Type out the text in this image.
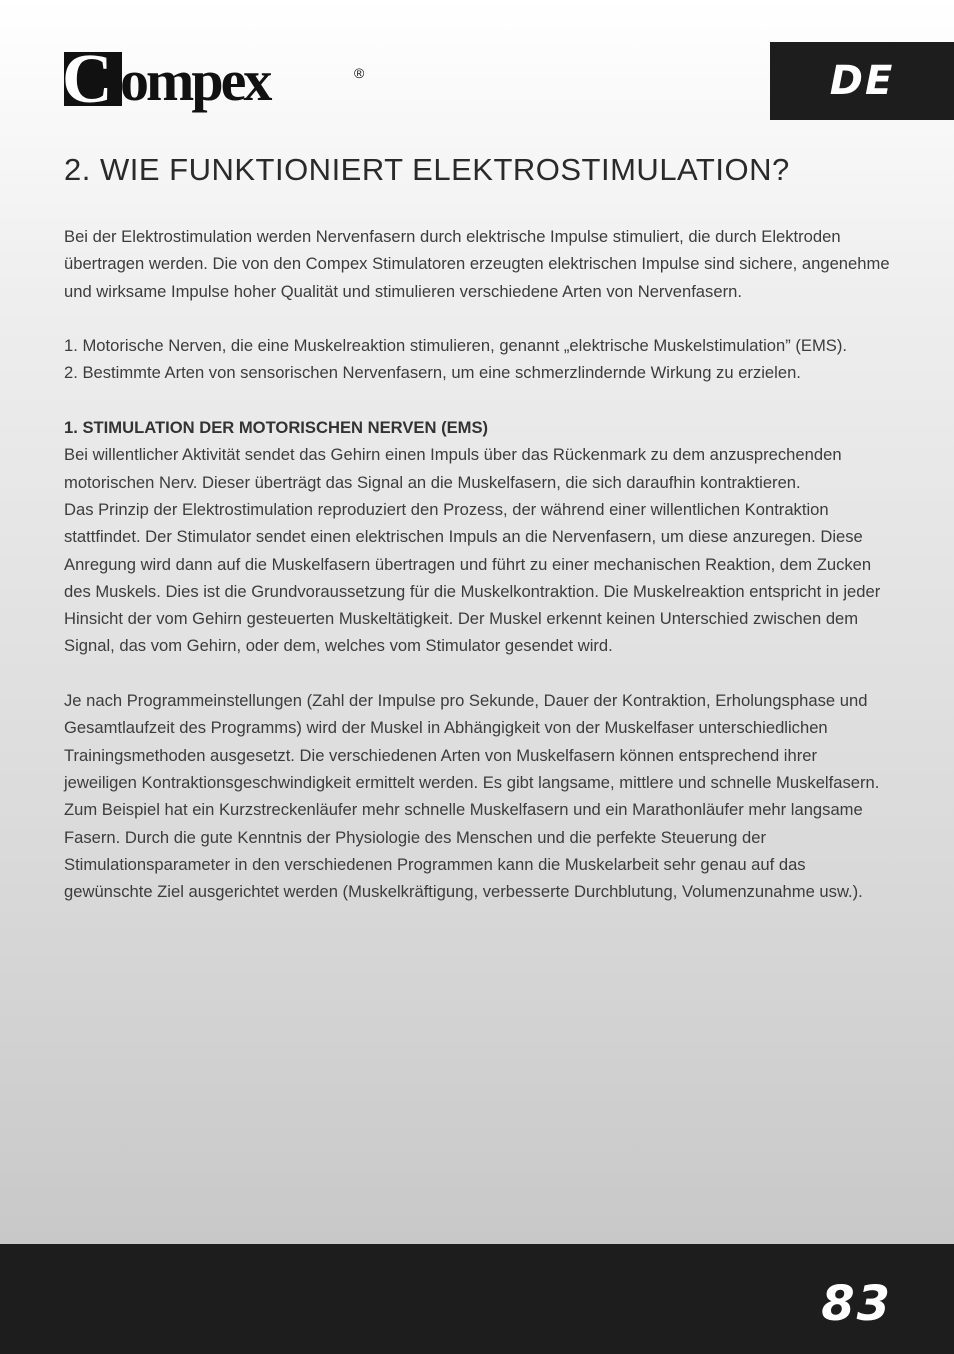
C ompex	®	DE
2. WIE FUNKTIONIERT ELEKTROSTIMULATION?

Bei der Elektrostimulation werden Nervenfasern durch elektrische Impulse stimuliert, die durch Elektroden übertragen werden. Die von den Compex Stimulatoren erzeugten elektrischen Impulse sind sichere, angenehme und wirksame Impulse hoher Qualität und stimulieren verschiedene Arten von Nervenfasern.

1. Motorische Nerven, die eine Muskelreaktion stimulieren, genannt „elektrische Muskelstimulation” (EMS).

2. Bestimmte Arten von sensorischen Nervenfasern, um eine schmerzlindernde Wirkung zu erzielen.

1. STIMULATION DER MOTORISCHEN NERVEN (EMS)

Bei willentlicher Aktivität sendet das Gehirn einen Impuls über das Rückenmark zu dem anzusprechenden motorischen Nerv. Dieser überträgt das Signal an die Muskelfasern, die sich daraufhin kontraktieren.

Das Prinzip der Elektrostimulation reproduziert den Prozess, der während einer willentlichen Kontraktion stattfindet. Der Stimulator sendet einen elektrischen Impuls an die Nervenfasern, um diese anzuregen. Diese Anregung wird dann auf die Muskelfasern übertragen und führt zu einer mechanischen Reaktion, dem Zucken des Muskels. Dies ist die Grundvoraussetzung für die Muskelkontraktion. Die Muskelreaktion entspricht in jeder Hinsicht der vom Gehirn gesteuerten Muskeltätigkeit. Der Muskel erkennt keinen Unterschied zwischen dem Signal, das vom Gehirn, oder dem, welches vom Stimulator gesendet wird.

Je nach Programmeinstellungen (Zahl der Impulse pro Sekunde, Dauer der Kontraktion, Erholungsphase und Gesamtlaufzeit des Programms) wird der Muskel in Abhängigkeit von der Muskelfaser unterschiedlichen Trainingsmethoden ausgesetzt. Die verschiedenen Arten von Muskelfasern können entsprechend ihrer jeweiligen Kontraktionsgeschwindigkeit ermittelt werden. Es gibt langsame, mittlere und schnelle Muskelfasern. Zum Beispiel hat ein Kurzstreckenläufer mehr schnelle Muskelfasern und ein Marathonläufer mehr langsame Fasern. Durch die gute Kenntnis der Physiologie des Menschen und die perfekte Steuerung der Stimulationsparameter in den verschiedenen Programmen kann die Muskelarbeit sehr genau auf das gewünschte Ziel ausgerichtet werden (Muskelkräftigung, verbesserte Durchblutung, Volumenzunahme usw.).

83
